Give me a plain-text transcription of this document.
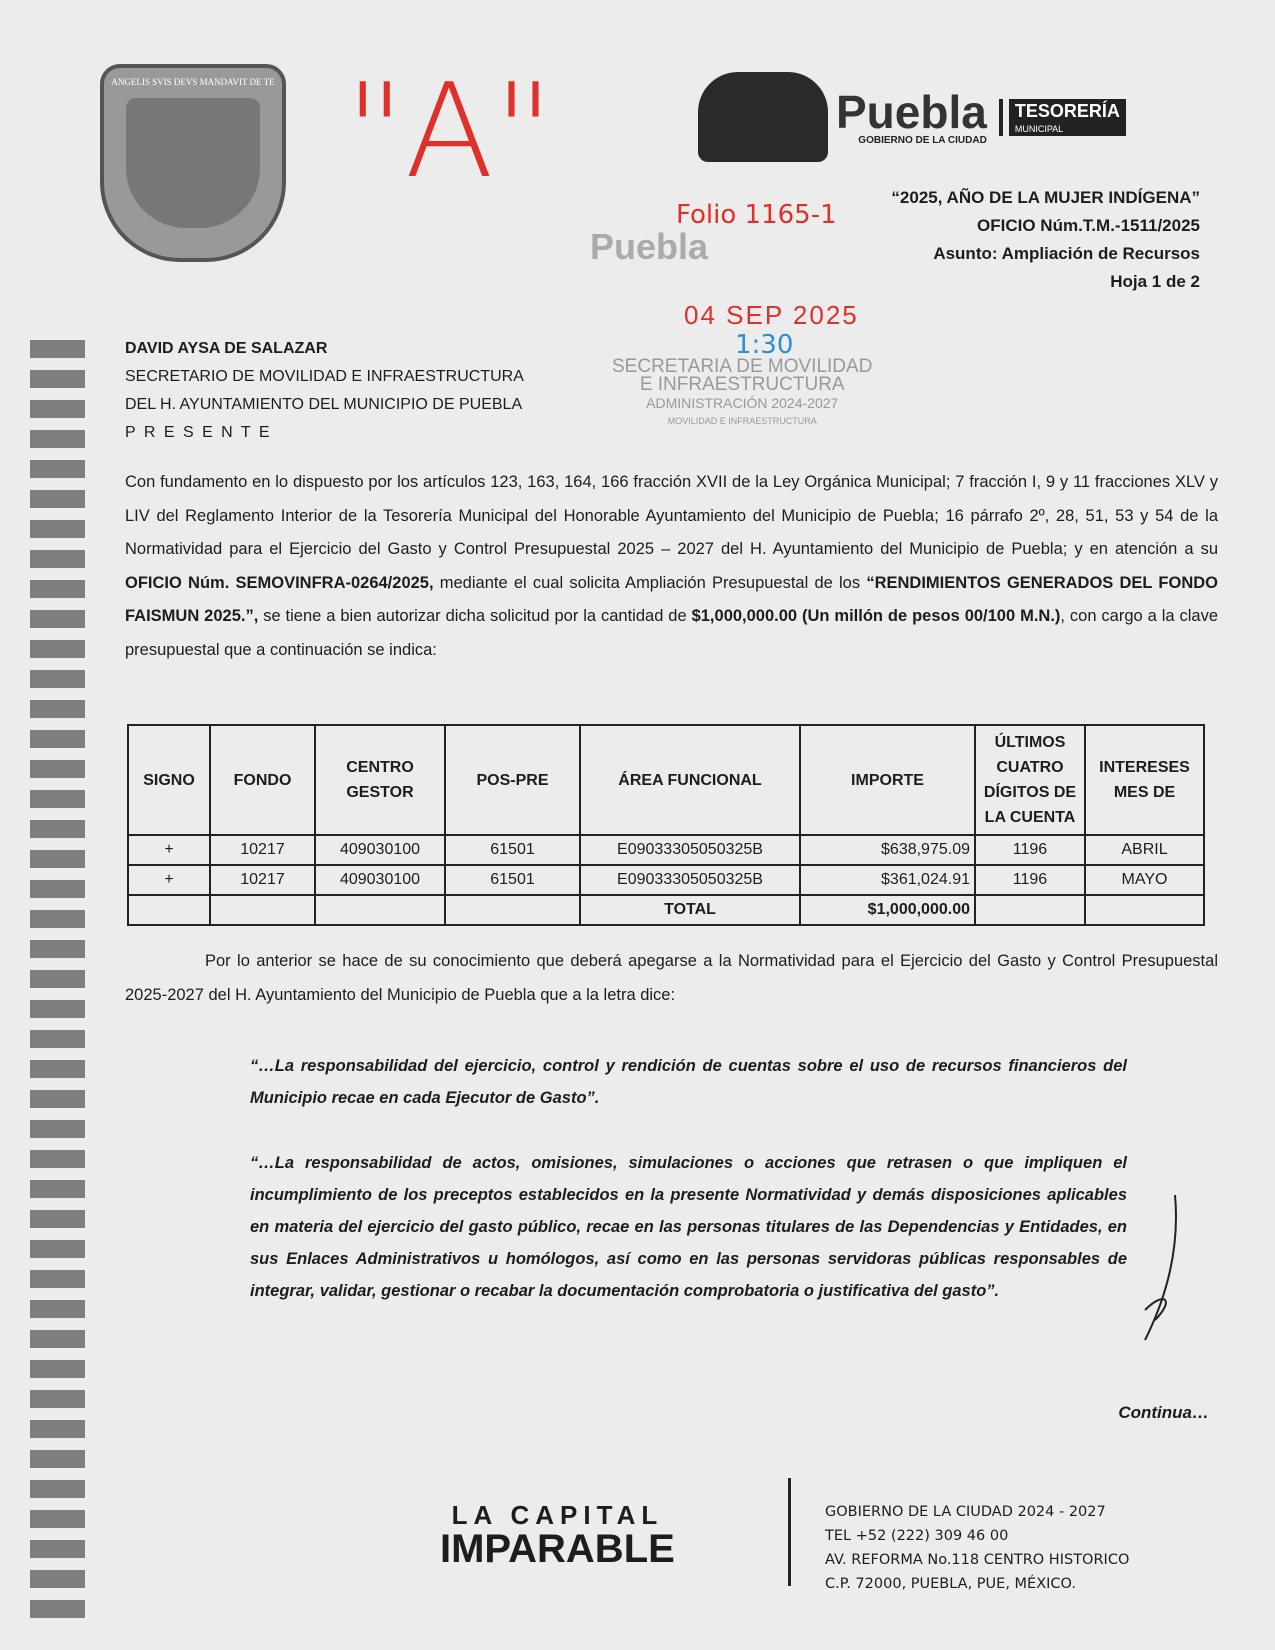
ANGELIS SVIS DEVS MANDAVIT DE TE "A"	Puebla
GOBIERNO DE LA CIUDAD
TESORERÍA
MUNICIPAL
Puebla
Folio 1165-1
“2025, AÑO DE LA MUJER INDÍGENA”
OFICIO Núm.T.M.-1511/2025
Asunto: Ampliación de Recursos
Hoja 1 de 2
04 SEP 2025
1:30
SECRETARIA DE MOVILIDAD
E INFRAESTRUCTURA
ADMINISTRACIÓN 2024-2027
MOVILIDAD E INFRAESTRUCTURA
DAVID AYSA DE SALAZAR
SECRETARIO DE MOVILIDAD E INFRAESTRUCTURA
DEL H. AYUNTAMIENTO DEL MUNICIPIO DE PUEBLA
P R E S E N T E
Con fundamento en lo dispuesto por los artículos 123, 163, 164, 166 fracción XVII de la Ley Orgánica Municipal; 7 fracción I, 9 y 11 fracciones XLV y LIV del Reglamento Interior de la Tesorería Municipal del Honorable Ayuntamiento del Municipio de Puebla; 16 párrafo 2º, 28, 51, 53 y 54 de la Normatividad para el Ejercicio del Gasto y Control Presupuestal 2025 – 2027 del H. Ayuntamiento del Municipio de Puebla; y en atención a su OFICIO Núm. SEMOVINFRA-0264/2025, mediante el cual solicita Ampliación Presupuestal de los “RENDIMIENTOS GENERADOS DEL FONDO FAISMUN 2025.”, se tiene a bien autorizar dicha solicitud por la cantidad de $1,000,000.00 (Un millón de pesos 00/100 M.N.), con cargo a la clave presupuestal que a continuación se indica:
SIGNO	FONDO	CENTRO GESTOR	POS-PRE	ÁREA FUNCIONAL	IMPORTE	ÚLTIMOS CUATRO DÍGITOS DE LA CUENTA	INTERESES MES DE
+	10217	409030100	61501	E09033305050325B	$638,975.09	1196	ABRIL
+	10217	409030100	61501	E09033305050325B	$361,024.91	1196	MAYO
				TOTAL	$1,000,000.00		
Por lo anterior se hace de su conocimiento que deberá apegarse a la Normatividad para el Ejercicio del Gasto y Control Presupuestal 2025-2027 del H. Ayuntamiento del Municipio de Puebla que a la letra dice:
“…La responsabilidad del ejercicio, control y rendición de cuentas sobre el uso de recursos financieros del Municipio recae en cada Ejecutor de Gasto”.
“…La responsabilidad de actos, omisiones, simulaciones o acciones que retrasen o que impliquen el incumplimiento de los preceptos establecidos en la presente Normatividad y demás disposiciones aplicables en materia del ejercicio del gasto público, recae en las personas titulares de las Dependencias y Entidades, en sus Enlaces Administrativos u homólogos, así como en las personas servidoras públicas responsables de integrar, validar, gestionar o recabar la documentación comprobatoria o justificativa del gasto”.
Continua…
LA CAPITAL
IMPARABLE
GOBIERNO DE LA CIUDAD 2024 - 2027
TEL +52 (222) 309 46 00
AV. REFORMA No.118 CENTRO HISTORICO
C.P. 72000, PUEBLA, PUE, MÉXICO.
